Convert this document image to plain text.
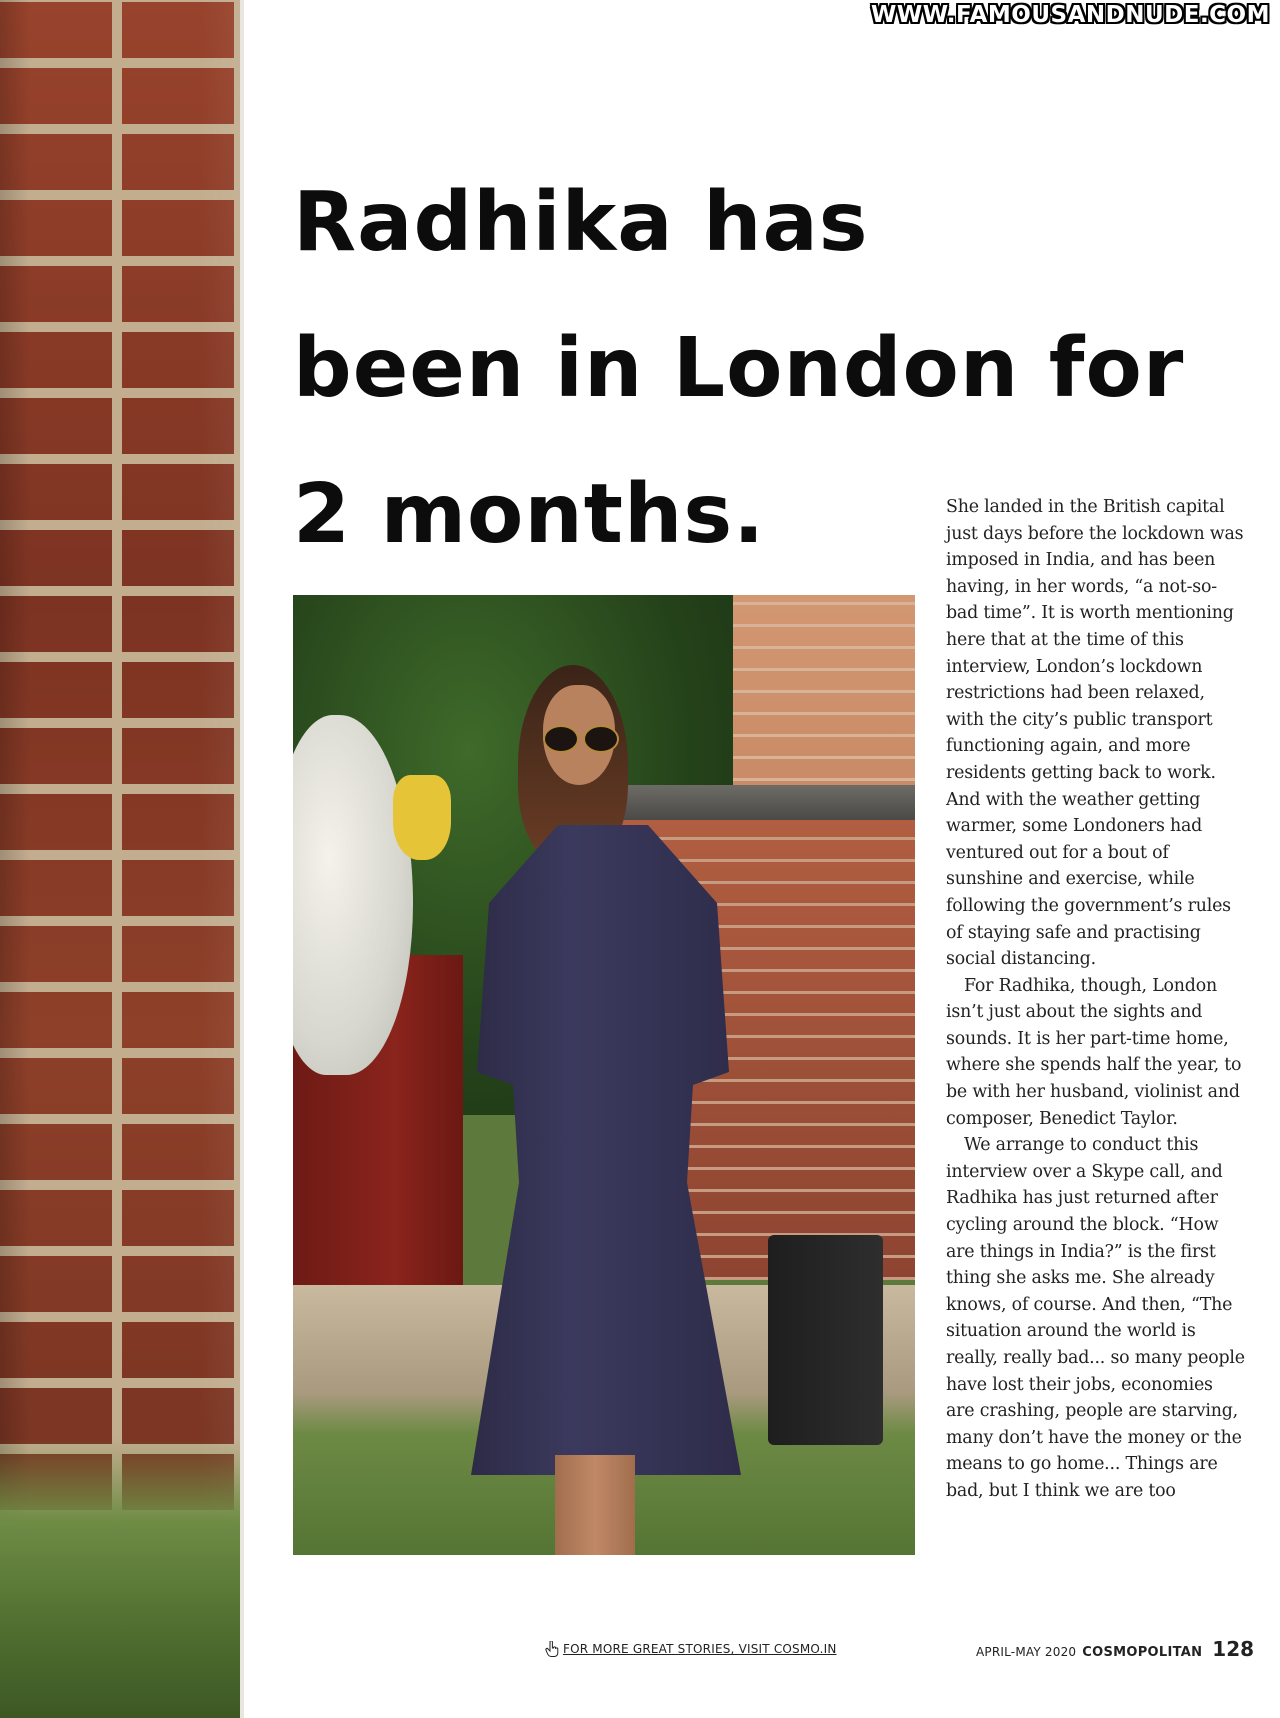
WWW.FAMOUSANDNUDE.COM
Radhika has
been in London for
2 months.	She landed in the British capital just days before the lockdown was imposed in India, and has been having, in her words, “a not-so-bad time”. It is worth mentioning here that at the time of this interview, London’s lockdown restrictions had been relaxed, with the city’s public transport functioning again, and more residents getting back to work. And with the weather getting warmer, some Londoners had ventured out for a bout of sunshine and exercise, while following the government’s rules of staying safe and practising social distancing.

For Radhika, though, London isn’t just about the sights and sounds. It is her part-time home, where she spends half the year, to be with her husband, violinist and composer, Benedict Taylor.

We arrange to conduct this interview over a Skype call, and Radhika has just returned after cycling around the block. “How are things in India?” is the first thing she asks me. She already knows, of course. And then, “The situation around the world is really, really bad... so many people have lost their jobs, economies are crashing, people are starving, many don’t have the money or the means to go home... Things are bad, but I think we are too

FOR MORE GREAT STORIES, VISIT COSMO.IN	APRIL-MAY 2020 COSMOPOLITAN 128
